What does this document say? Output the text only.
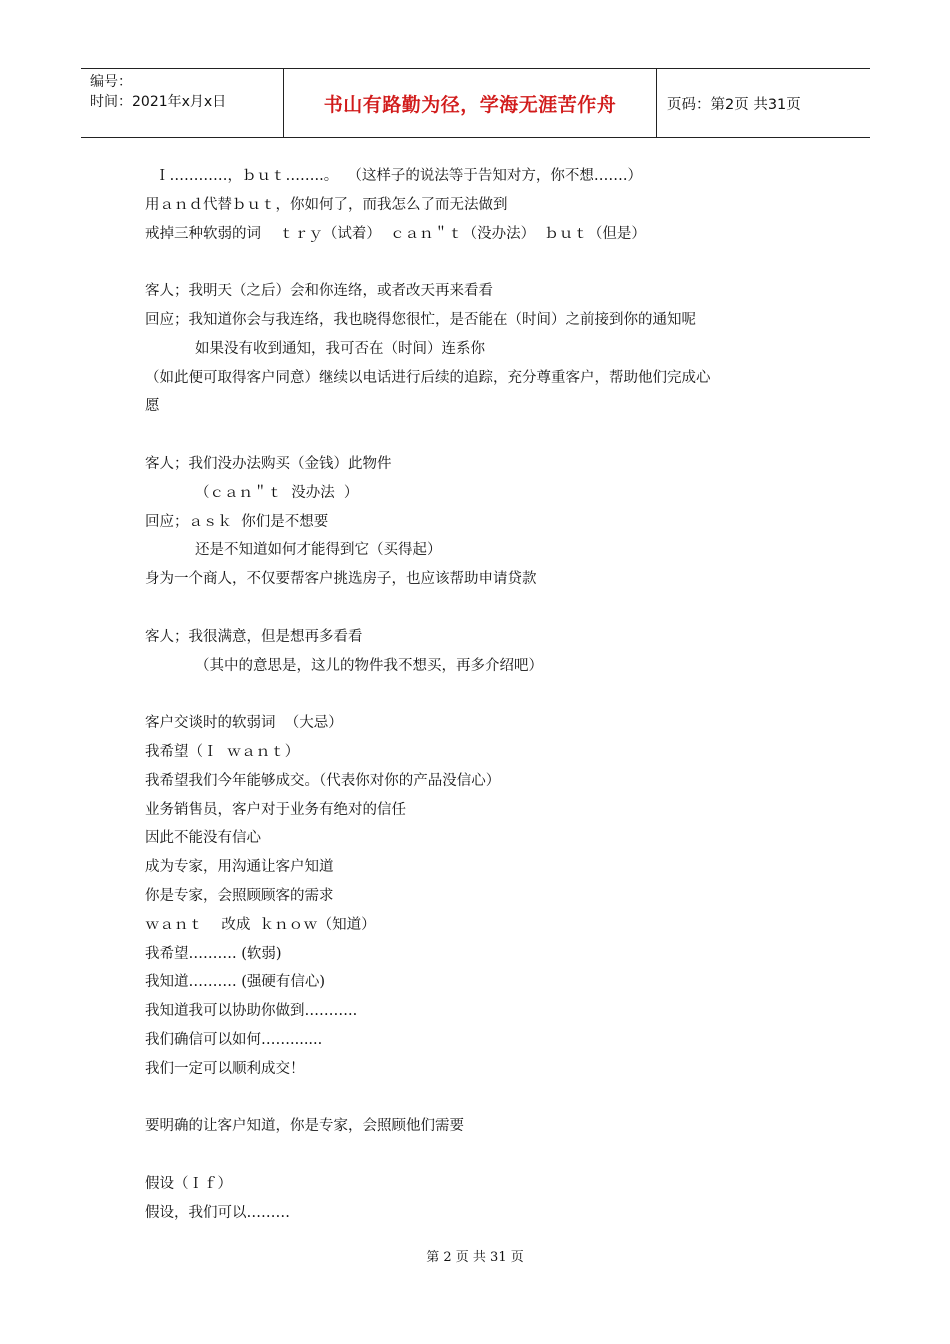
编号：
时间：2021年x月x日	书山有路勤为径，学海无涯苦作舟	页码：第2页 共31页
Ｉ…………，ｂｕｔ……..。  （这样子的说法等于告知对方，你不想…….）
用ａｎｄ代替ｂｕｔ，你如何了，而我怎么了而无法做到
戒掉三种软弱的词    ｔｒｙ（试着）  ｃａｎ＂ｔ（没办法）  ｂｕｔ（但是）
客人；我明天（之后）会和你连络，或者改天再来看看
回应；我知道你会与我连络，我也晓得您很忙，是否能在（时间）之前接到你的通知呢
如果没有收到通知，我可否在（时间）连系你
（如此便可取得客户同意）继续以电话进行后续的追踪，充分尊重客户，帮助他们完成心
愿
客人；我们没办法购买（金钱）此物件
（ｃａｎ＂ｔ  没办法  ）
回应；ａｓｋ  你们是不想要
还是不知道如何才能得到它（买得起）
身为一个商人，不仅要帮客户挑选房子，也应该帮助申请贷款
客人；我很满意，但是想再多看看
（其中的意思是，这儿的物件我不想买，再多介绍吧）
客户交谈时的软弱词  （大忌）
我希望（Ｉ  ｗａｎｔ）
我希望我们今年能够成交。（代表你对你的产品没信心）
业务销售员，客户对于业务有绝对的信任
因此不能没有信心
成为专家，用沟通让客户知道
你是专家，会照顾顾客的需求
ｗａｎｔ    改成  ｋｎｏｗ（知道）
我希望………. (软弱)
我知道………. (强硬有信心)
我知道我可以协助你做到………..
我们确信可以如何…….......
我们一定可以顺利成交！
要明确的让客户知道，你是专家，会照顾他们需要
假设（Ｉｆ）
假设，我们可以………
第 2 页 共 31 页
